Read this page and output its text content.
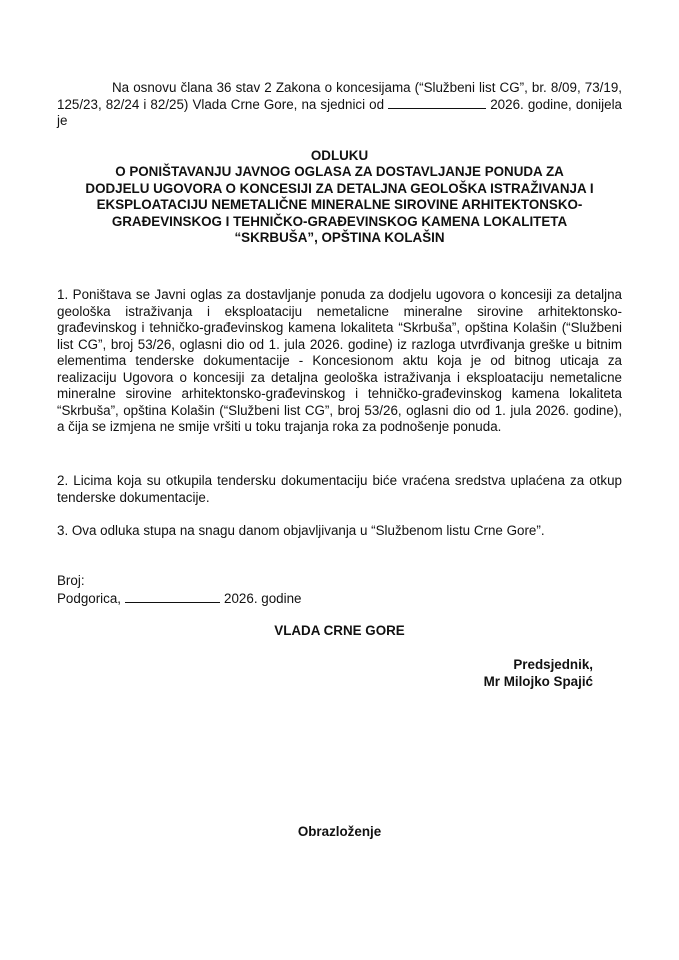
Na osnovu člana 36 stav 2 Zakona o koncesijama (“Službeni list CG”, br. 8/09, 73/19, 125/23, 82/24 i 82/25) Vlada Crne Gore, na sjednici od	2026. godine, donijela je
ODLUKU
O PONIŠTAVANJU JAVNOG OGLASA ZA DOSTAVLJANJE PONUDA ZA
DODJELU UGOVORA O KONCESIJI ZA DETALJNA GEOLOŠKA ISTRAŽIVANJA I
EKSPLOATACIJU NEMETALIČNE MINERALNE SIROVINE ARHITEKTONSKO-
GRAĐEVINSKOG I TEHNIČKO-GRAĐEVINSKOG KAMENA LOKALITETA
“SKRBUŠA”, OPŠTINA KOLAŠIN
1. Poništava se Javni oglas za dostavljanje ponuda za dodjelu ugovora o koncesiji za detaljna geološka istraživanja i eksploataciju nemetalicne mineralne sirovine arhitektonsko-građevinskog i tehničko-građevinskog kamena lokaliteta “Skrbuša”, opština Kolašin (“Službeni list CG”, broj 53/26, oglasni dio od 1. jula 2026. godine) iz razloga utvrđivanja greške u bitnim elementima tenderske dokumentacije - Koncesionom aktu koja je od bitnog uticaja za realizaciju Ugovora o koncesiji za detaljna geološka istraživanja i eksploataciju nemetalicne mineralne sirovine arhitektonsko-građevinskog i tehničko-građevinskog kamena lokaliteta “Skrbuša”, opština Kolašin (“Službeni list CG”, broj 53/26, oglasni dio od 1. jula 2026. godine), a čija se izmjena ne smije vršiti u toku trajanja roka za podnošenje ponuda.
2. Licima koja su otkupila tendersku dokumentaciju biće vraćena sredstva uplaćena za otkup tenderske dokumentacije.
3. Ova odluka stupa na snagu danom objavljivanja u “Službenom listu Crne Gore”.
Broj:
Podgorica,	2026. godine
VLADA CRNE GORE
Predsjednik,
Mr Milojko Spajić
Obrazloženje
